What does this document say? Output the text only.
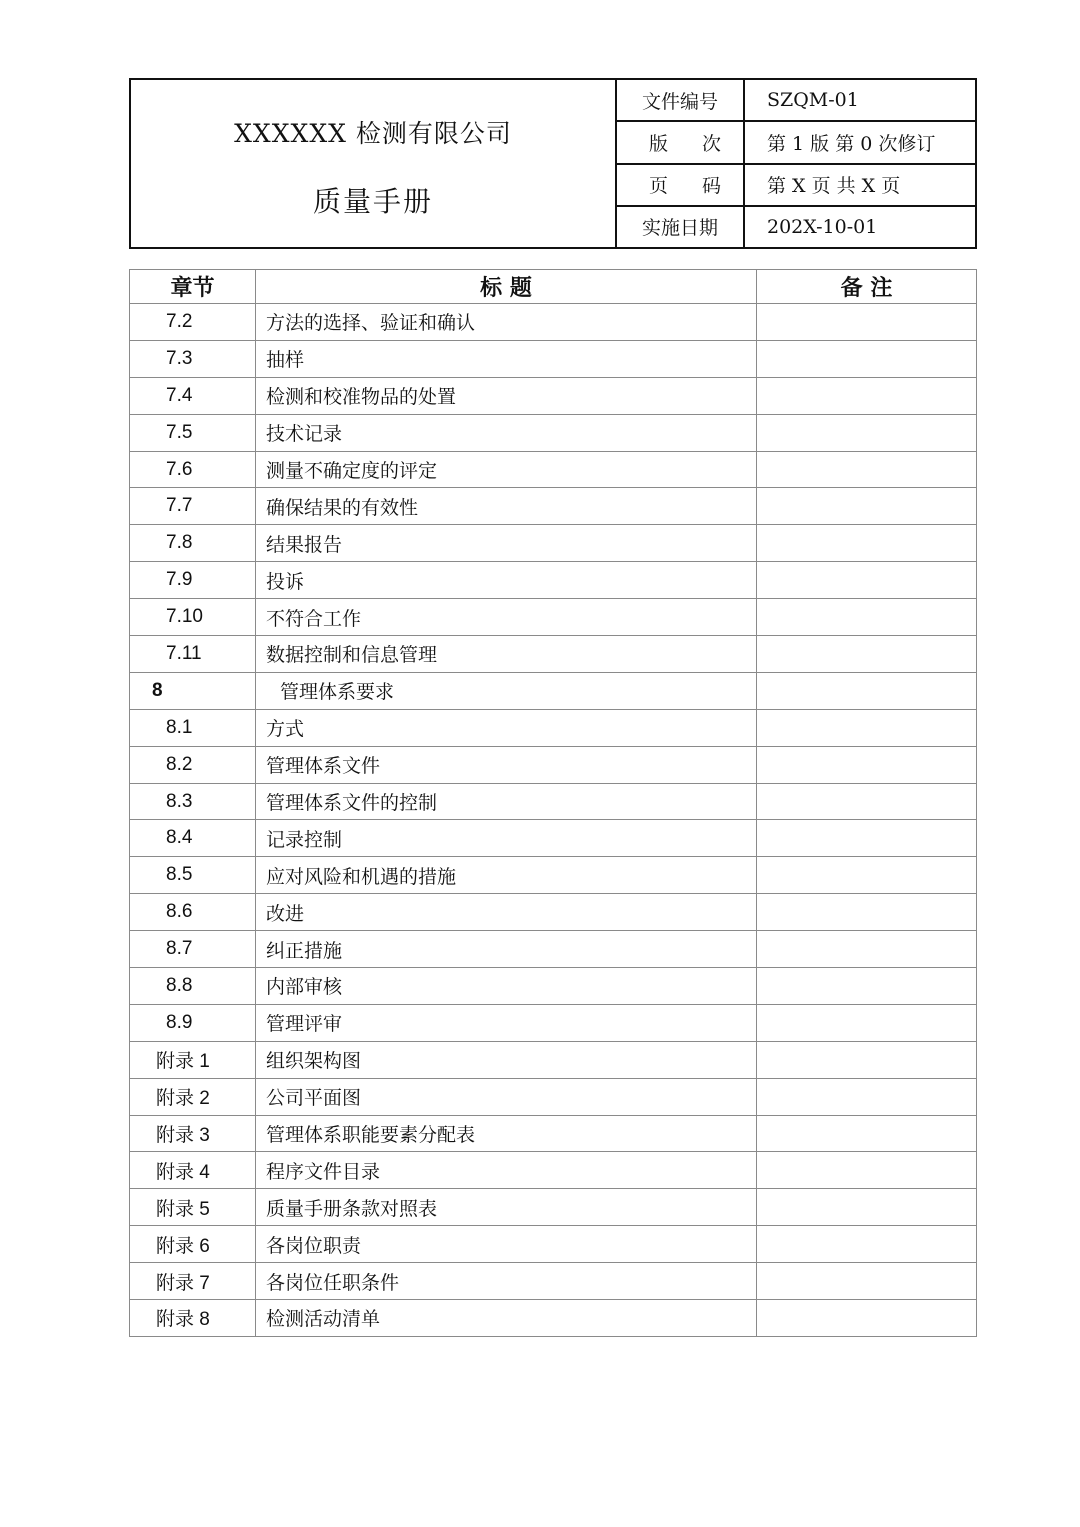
XXXXXX 检测有限公司
质量手册
文件编号	SZQM-01
版 次	第 1 版 第 0 次修订
页 码	第 X 页 共 X 页
实施日期	202X-10-01
章节	标 题	备 注
7.2	方法的选择、验证和确认	
7.3	抽样	
7.4	检测和校准物品的处置	
7.5	技术记录	
7.6	测量不确定度的评定	
7.7	确保结果的有效性	
7.8	结果报告	
7.9	投诉	
7.10	不符合工作	
7.11	数据控制和信息管理	
8	管理体系要求	
8.1	方式	
8.2	管理体系文件	
8.3	管理体系文件的控制	
8.4	记录控制	
8.5	应对风险和机遇的措施	
8.6	改进	
8.7	纠正措施	
8.8	内部审核	
8.9	管理评审	
附录 1	组织架构图	
附录 2	公司平面图	
附录 3	管理体系职能要素分配表	
附录 4	程序文件目录	
附录 5	质量手册条款对照表	
附录 6	各岗位职责	
附录 7	各岗位任职条件	
附录 8	检测活动清单	
